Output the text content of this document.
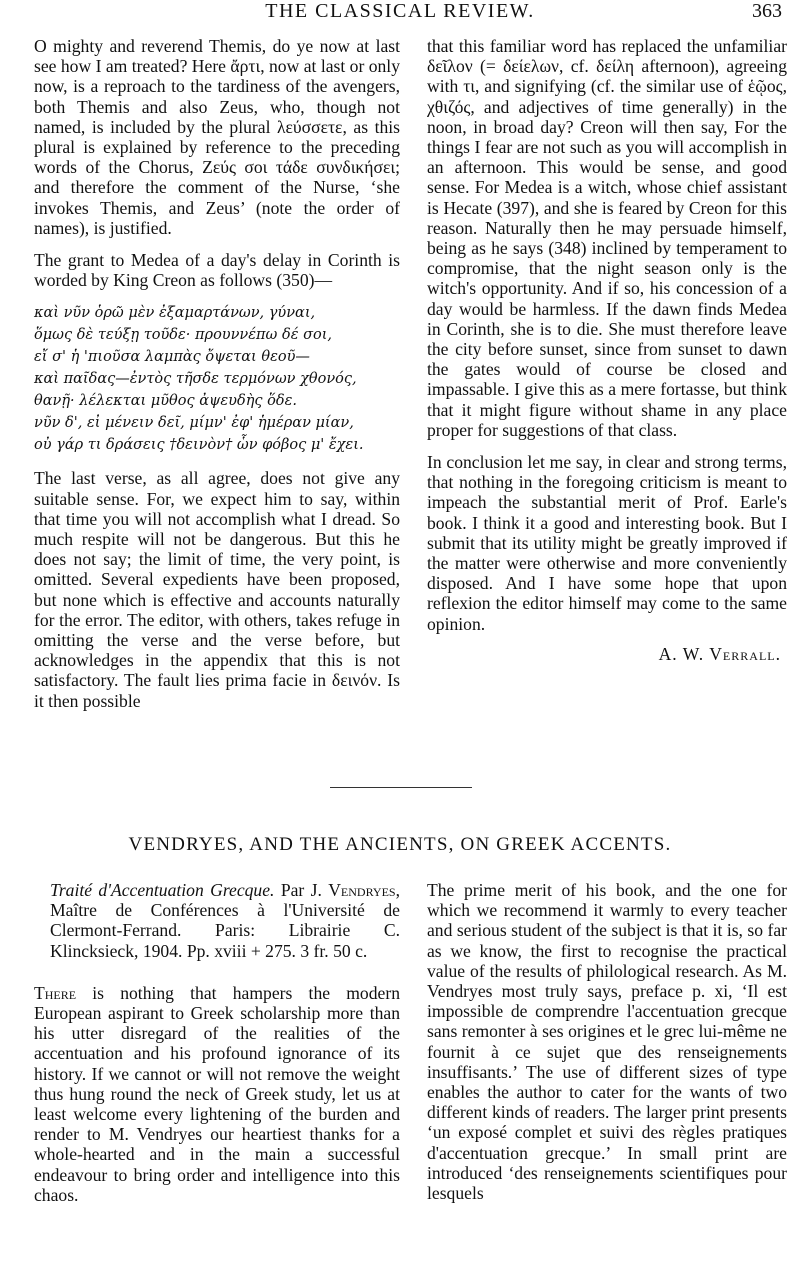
THE CLASSICAL REVIEW.	363

O mighty and reverend Themis, do ye now at last see how I am treated? Here ἄρτι, now at last or only now, is a reproach to the tardiness of the avengers, both Themis and also Zeus, who, though not named, is included by the plural λεύσσετε, as this plural is explained by reference to the preceding words of the Chorus, Ζεύς σοι τάδε συνδικήσει; and therefore the comment of the Nurse, ‘she invokes Themis, and Zeus’ (note the order of names), is justified.

The grant to Medea of a day's delay in Corinth is worded by King Creon as follows (350)—

καὶ νῦν ὁρῶ μὲν ἐξαμαρτάνων, γύναι,
ὅμως δὲ τεύξῃ τοῦδε· προυννέπω δέ σοι,
εἴ σ' ἡ 'πιοῦσα λαμπὰς ὄψεται θεοῦ—
καὶ παῖδας—ἐντὸς τῆσδε τερμόνων χθονός,
θανῇ· λέλεκται μῦθος ἀψευδὴς ὅδε.
νῦν δ', εἰ μένειν δεῖ, μίμν' ἐφ' ἡμέραν μίαν,
οὐ γάρ τι δράσεις †δεινὸν† ὧν φόβος μ' ἔχει.

The last verse, as all agree, does not give any suitable sense. For, we expect him to say, within that time you will not accomplish what I dread. So much respite will not be dangerous. But this he does not say; the limit of time, the very point, is omitted. Several expedients have been proposed, but none which is effective and accounts naturally for the error. The editor, with others, takes refuge in omitting the verse and the verse before, but acknowledges in the appendix that this is not satisfactory. The fault lies prima facie in δεινόν. Is it then possible

that this familiar word has replaced the unfamiliar δεῖλον (= δείελων, cf. δείλη afternoon), agreeing with τι, and signifying (cf. the similar use of ἑῷος, χθιζός, and adjectives of time generally) in the noon, in broad day? Creon will then say, For the things I fear are not such as you will accomplish in an afternoon. This would be sense, and good sense. For Medea is a witch, whose chief assistant is Hecate (397), and she is feared by Creon for this reason. Naturally then he may persuade himself, being as he says (348) inclined by temperament to compromise, that the night season only is the witch's opportunity. And if so, his concession of a day would be harmless. If the dawn finds Medea in Corinth, she is to die. She must therefore leave the city before sunset, since from sunset to dawn the gates would of course be closed and impassable. I give this as a mere fortasse, but think that it might figure without shame in any place proper for suggestions of that class.

In conclusion let me say, in clear and strong terms, that nothing in the foregoing criticism is meant to impeach the substantial merit of Prof. Earle's book. I think it a good and interesting book. But I submit that its utility might be greatly improved if the matter were otherwise and more conveniently disposed. And I have some hope that upon reflexion the editor himself may come to the same opinion.

A. W. Verrall.
VENDRYES, AND THE ANCIENTS, ON GREEK ACCENTS.

Traité d'Accentuation Grecque. Par J. Vendryes, Maître de Conférences à l'Université de Clermont-Ferrand. Paris: Librairie C. Klincksieck, 1904. Pp. xviii + 275. 3 fr. 50 c.

There is nothing that hampers the modern European aspirant to Greek scholarship more than his utter disregard of the realities of the accentuation and his profound ignorance of its history. If we cannot or will not remove the weight thus hung round the neck of Greek study, let us at least welcome every lightening of the burden and render to M. Vendryes our heartiest thanks for a whole-hearted and in the main a successful endeavour to bring order and intelligence into this chaos.

The prime merit of his book, and the one for which we recommend it warmly to every teacher and serious student of the subject is that it is, so far as we know, the first to recognise the practical value of the results of philological research. As M. Vendryes most truly says, preface p. xi, ‘Il est impossible de comprendre l'accentuation grecque sans remonter à ses origines et le grec lui-même ne fournit à ce sujet que des renseignements insuffisants.’ The use of different sizes of type enables the author to cater for the wants of two different kinds of readers. The larger print presents ‘un exposé complet et suivi des règles pratiques d'accentuation grecque.’ In small print are introduced ‘des renseignements scientifiques pour lesquels
